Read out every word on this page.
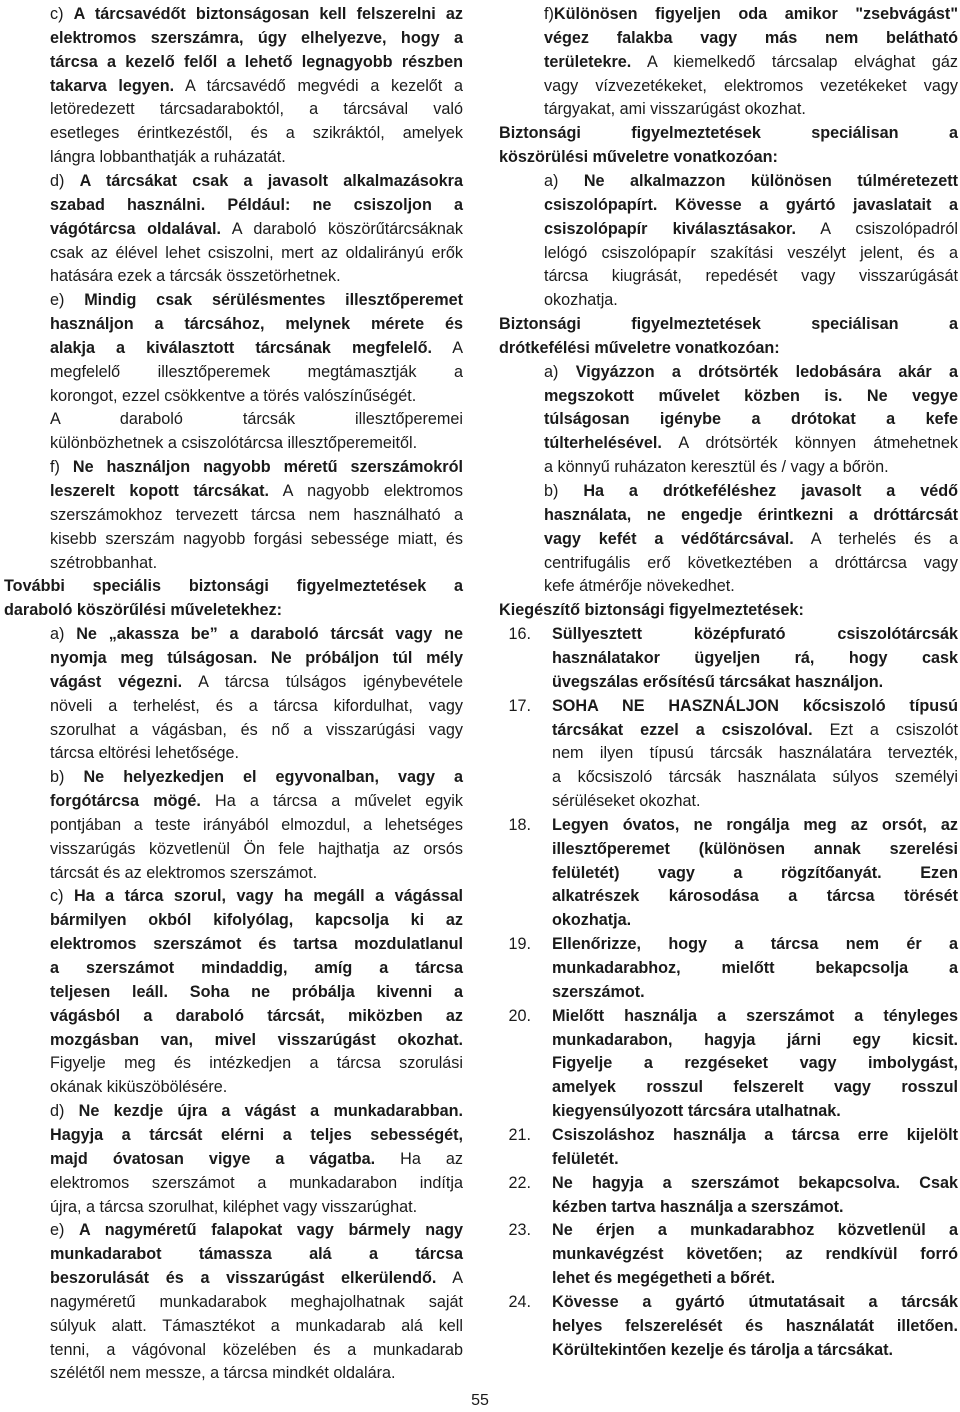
c) A tárcsavédőt biztonságosan kell felszerelni az
elektromos szerszámra, úgy elhelyezve, hogy a
tárcsa a kezelő felől a lehető legnagyobb részben
takarva legyen. A tárcsavédő megvédi a kezelőt a
letöredezett tárcsadaraboktól, a tárcsával való
esetleges érintkezéstől, és a szikráktól, amelyek
lángra lobbanthatják a ruházatát.
d) A tárcsákat csak a javasolt alkalmazásokra
szabad használni. Például: ne csiszoljon a
vágótárcsa oldalával. A daraboló köszörűtárcsáknak
csak az élével lehet csiszolni, mert az oldalirányú erők
hatására ezek a tárcsák összetörhetnek.
e) Mindig csak sérülésmentes illesztőperemet
használjon a tárcsához, melynek mérete és
alakja a kiválasztott tárcsának megfelelő. A
megfelelő illesztőperemek megtámasztják a
korongot, ezzel csökkentve a törés valószínűségét.
A daraboló tárcsák illesztőperemei
különbözhetnek a csiszolótárcsa illesztőperemeitől.
f) Ne használjon nagyobb méretű szerszámokról
leszerelt kopott tárcsákat. A nagyobb elektromos
szerszámokhoz tervezett tárcsa nem használható a
kisebb szerszám nagyobb forgási sebessége miatt, és
szétrobbanhat.
További speciális biztonsági figyelmeztetések a
daraboló köszörűlési műveletekhez:
a) Ne „akassza be” a daraboló tárcsát vagy ne
nyomja meg túlságosan. Ne próbáljon túl mély
vágást végezni. A tárcsa túlságos igénybevétele
növeli a terhelést, és a tárcsa kifordulhat, vagy
szorulhat a vágásban, és nő a visszarúgási vagy
tárcsa eltörési lehetősége.
b) Ne helyezkedjen el egyvonalban, vagy a
forgótárcsa mögé. Ha a tárcsa a művelet egyik
pontjában a teste irányából elmozdul, a lehetséges
visszarúgás közvetlenül Ön fele hajthatja az orsós
tárcsát és az elektromos szerszámot.
c) Ha a tárca szorul, vagy ha megáll a vágással
bármilyen okból kifolyólag, kapcsolja ki az
elektromos szerszámot és tartsa mozdulatlanul
a szerszámot mindaddig, amíg a tárcsa
teljesen leáll. Soha ne próbálja kivenni a
vágásból a daraboló tárcsát, miközben az
mozgásban van, mivel visszarúgást okozhat.
Figyelje meg és intézkedjen a tárcsa szorulási
okának kiküszöbölésére.
d) Ne kezdje újra a vágást a munkadarabban.
Hagyja a tárcsát elérni a teljes sebességét,
majd óvatosan vigye a vágatba. Ha az
elektromos szerszámot a munkadarabon indítja
újra, a tárcsa szorulhat, kiléphet vagy visszarúghat.
e) A nagyméretű falapokat vagy bármely nagy
munkadarabot támassza alá a tárcsa
beszorulását és a visszarúgást elkerülendő. A
nagyméretű munkadarabok meghajolhatnak saját
súlyuk alatt. Támasztékot a munkadarab alá kell
tenni, a vágóvonal közelében és a munkadarab
szélétől nem messze, a tárcsa mindkét oldalára.
f)Különösen figyeljen oda amikor "zsebvágást"
végez falakba vagy más nem belátható
területekre. A kiemelkedő tárcsalap elvághat gáz
vagy vízvezetékeket, elektromos vezetékeket vagy
tárgyakat, ami visszarúgást okozhat.
Biztonsági figyelmeztetések speciálisan a
köszörülési műveletre vonatkozóan:
a) Ne alkalmazzon különösen túlméretezett
csiszolópapírt. Kövesse a gyártó javaslatait a
csiszolópapír kiválasztásakor. A csiszolópadról
lelógó csiszolópapír szakítási veszélyt jelent, és a
tárcsa kiugrását, repedését vagy visszarúgását
okozhatja.
Biztonsági figyelmeztetések speciálisan a
drótkefélési műveletre vonatkozóan:
a) Vigyázzon a drótsörték ledobására akár a
megszokott művelet közben is. Ne vegye
túlságosan igénybe a drótokat a kefe
túlterhelésével. A drótsörték könnyen átmehetnek
a könnyű ruházaton keresztül és / vagy a bőrön.
b) Ha a drótkeféléshez javasolt a védő
használata, ne engedje érintkezni a dróttárcsát
vagy kefét a védőtárcsával. A terhelés és a
centrifugális erő következtében a dróttárcsa vagy
kefe átmérője növekedhet.
Kiegészítő biztonsági figyelmeztetések:
16. Süllyesztett középfurató csiszolótárcsák
használatakor ügyeljen rá, hogy cask
üvegszálas erősítésű tárcsákat használjon.
17. SOHA NE HASZNÁLJON kőcsiszoló típusú
tárcsákat ezzel a csiszolóval. Ezt a csiszolót
nem ilyen típusú tárcsák használatára tervezték,
a kőcsiszoló tárcsák használata súlyos személyi
sérüléseket okozhat.
18. Legyen óvatos, ne rongálja meg az orsót, az
illesztőperemet (különösen annak szerelési
felületét) vagy a rögzítőanyát. Ezen
alkatrészek károsodása a tárcsa törését
okozhatja.
19. Ellenőrizze, hogy a tárcsa nem ér a
munkadarabhoz, mielőtt bekapcsolja a
szerszámot.
20. Mielőtt használja a szerszámot a tényleges
munkadarabon, hagyja járni egy kicsit.
Figyelje a rezgéseket vagy imbolygást,
amelyek rosszul felszerelt vagy rosszul
kiegyensúlyozott tárcsára utalhatnak.
21. Csiszoláshoz használja a tárcsa erre kijelölt
felületét.
22. Ne hagyja a szerszámot bekapcsolva. Csak
kézben tartva használja a szerszámot.
23. Ne érjen a munkadarabhoz közvetlenül a
munkavégzést követően; az rendkívül forró
lehet és megégetheti a bőrét.
24. Kövesse a gyártó útmutatásait a tárcsák
helyes felszerelését és használatát illetően.
Körültekintően kezelje és tárolja a tárcsákat.
55
